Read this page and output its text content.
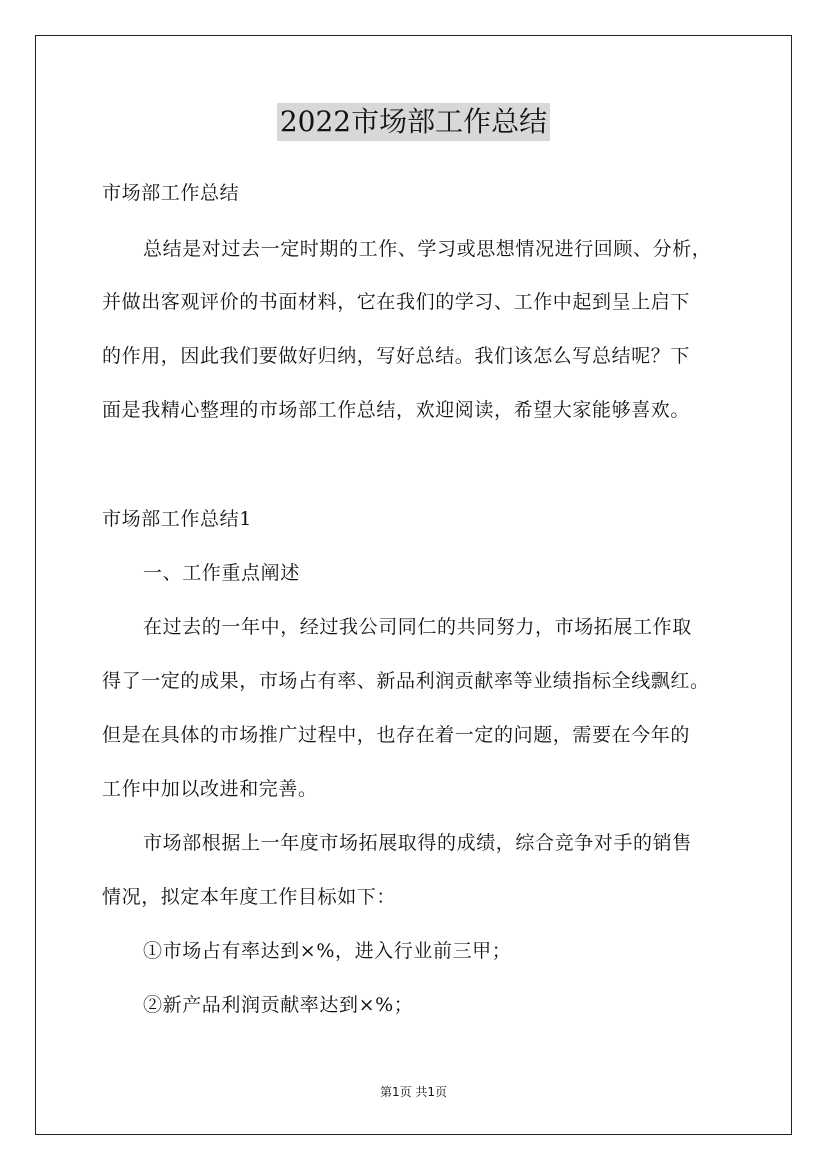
2022市场部工作总结
市场部工作总结
总结是对过去一定时期的工作、学习或思想情况进行回顾、分析，
并做出客观评价的书面材料，它在我们的学习、工作中起到呈上启下
的作用，因此我们要做好归纳，写好总结。我们该怎么写总结呢？下
面是我精心整理的市场部工作总结，欢迎阅读，希望大家能够喜欢。
市场部工作总结1
一、工作重点阐述
在过去的一年中，经过我公司同仁的共同努力，市场拓展工作取
得了一定的成果，市场占有率、新品利润贡献率等业绩指标全线飘红。
但是在具体的市场推广过程中，也存在着一定的问题，需要在今年的
工作中加以改进和完善。
市场部根据上一年度市场拓展取得的成绩，综合竞争对手的销售
情况，拟定本年度工作目标如下：
①市场占有率达到×%，进入行业前三甲；
②新产品利润贡献率达到×%；
第1页 共1页
